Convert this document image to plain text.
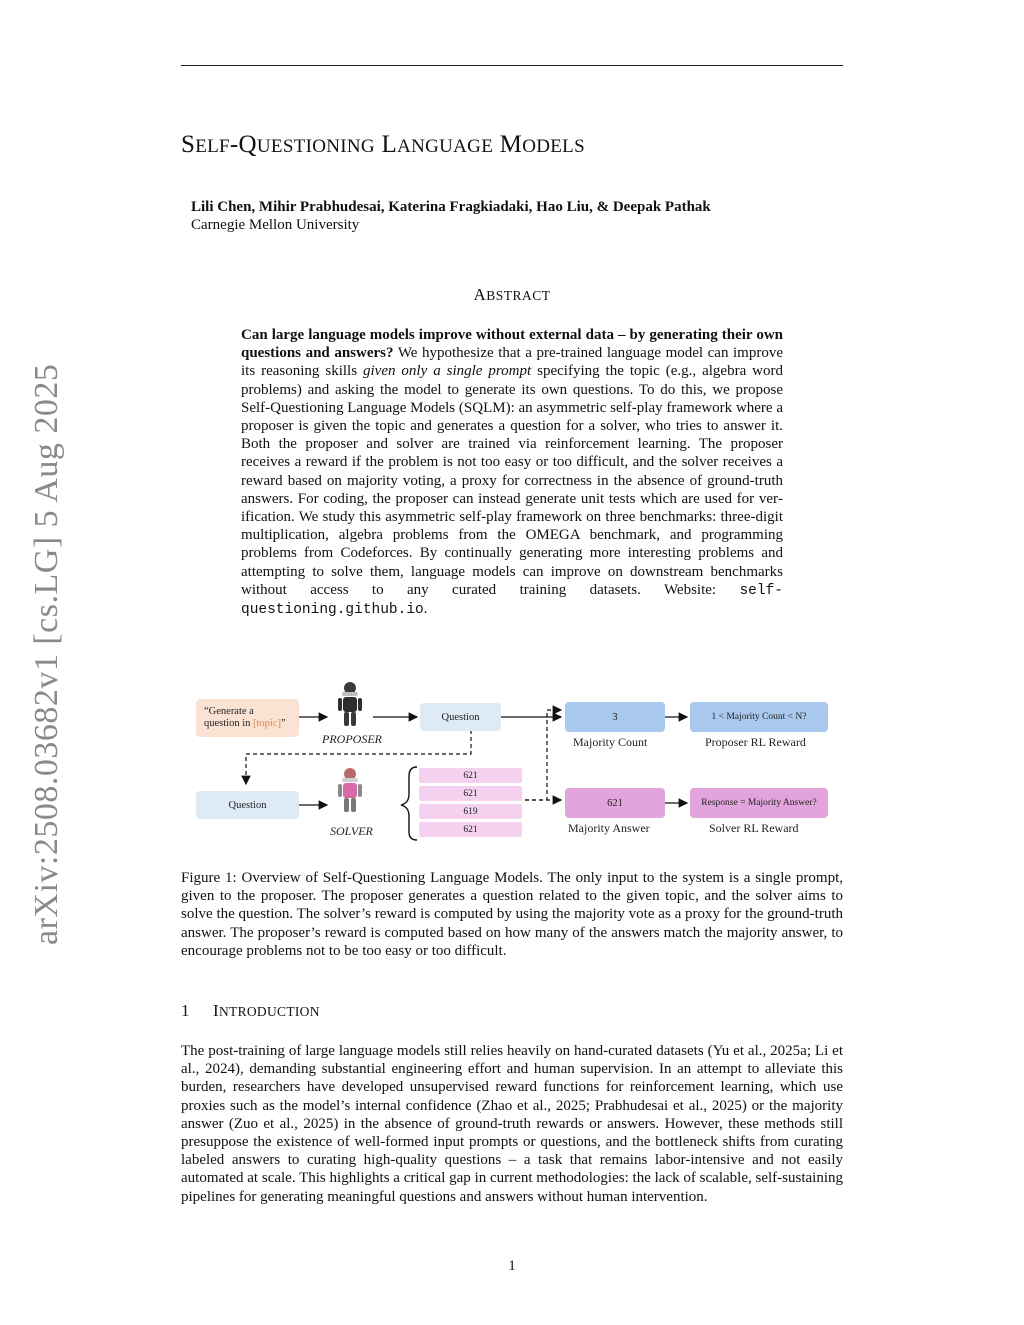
arXiv:2508.03682v1 [cs.LG] 5 Aug 2025
SELF-QUESTIONING LANGUAGE MODELS
Lili Chen, Mihir Prabhudesai, Katerina Fragkiadaki, Hao Liu, & Deepak Pathak
Carnegie Mellon University
ABSTRACT
Can large language models improve without external data – by generating their own questions and answers? We hypothesize that a pre-trained language model can improve its reasoning skills given only a single prompt specifying the topic (e.g., algebra word problems) and asking the model to generate its own questions. To do this, we propose Self-Questioning Language Models (SQLM): an asymmetric self-play framework where a proposer is given the topic and generates a question for a solver, who tries to answer it. Both the proposer and solver are trained via reinforcement learning. The proposer receives a reward if the problem is not too easy or too difficult, and the solver receives a reward based on majority voting, a proxy for correctness in the absence of ground-truth answers. For coding, the proposer can instead generate unit tests which are used for verification. We study this asymmetric self-play framework on three benchmarks: three-digit multiplication, algebra problems from the OMEGA benchmark, and programming problems from Codeforces. By continually generating more interesting problems and attempting to solve them, language models can improve on downstream benchmarks without access to any curated training datasets. Website: self-questioning.github.io.
“Generate a
question in [topic]”
PROPOSER
Question	3
Majority Count
1 < Majority Count < N?
Proposer RL Reward
Question
SOLVER
621
621
619
621
621
Majority Answer
Response = Majority Answer?
Solver RL Reward
Figure 1: Overview of Self-Questioning Language Models. The only input to the system is a single prompt, given to the proposer. The proposer generates a question related to the given topic, and the solver aims to solve the question. The solver’s reward is computed by using the majority vote as a proxy for the ground-truth answer. The proposer’s reward is computed based on how many of the answers match the majority answer, to encourage problems not to be too easy or too difficult.
1 INTRODUCTION
The post-training of large language models still relies heavily on hand-curated datasets (Yu et al., 2025a; Li et al., 2024), demanding substantial engineering effort and human supervision. In an attempt to alleviate this burden, researchers have developed unsupervised reward functions for reinforcement learning, which use proxies such as the model’s internal confidence (Zhao et al., 2025; Prabhudesai et al., 2025) or the majority answer (Zuo et al., 2025) in the absence of ground-truth rewards or answers. However, these methods still presuppose the existence of well-formed input prompts or questions, and the bottleneck shifts from curating labeled answers to curating high-quality questions – a task that remains labor-intensive and not easily automated at scale. This highlights a critical gap in current methodologies: the lack of scalable, self-sustaining pipelines for generating meaningful questions and answers without human intervention.
1
